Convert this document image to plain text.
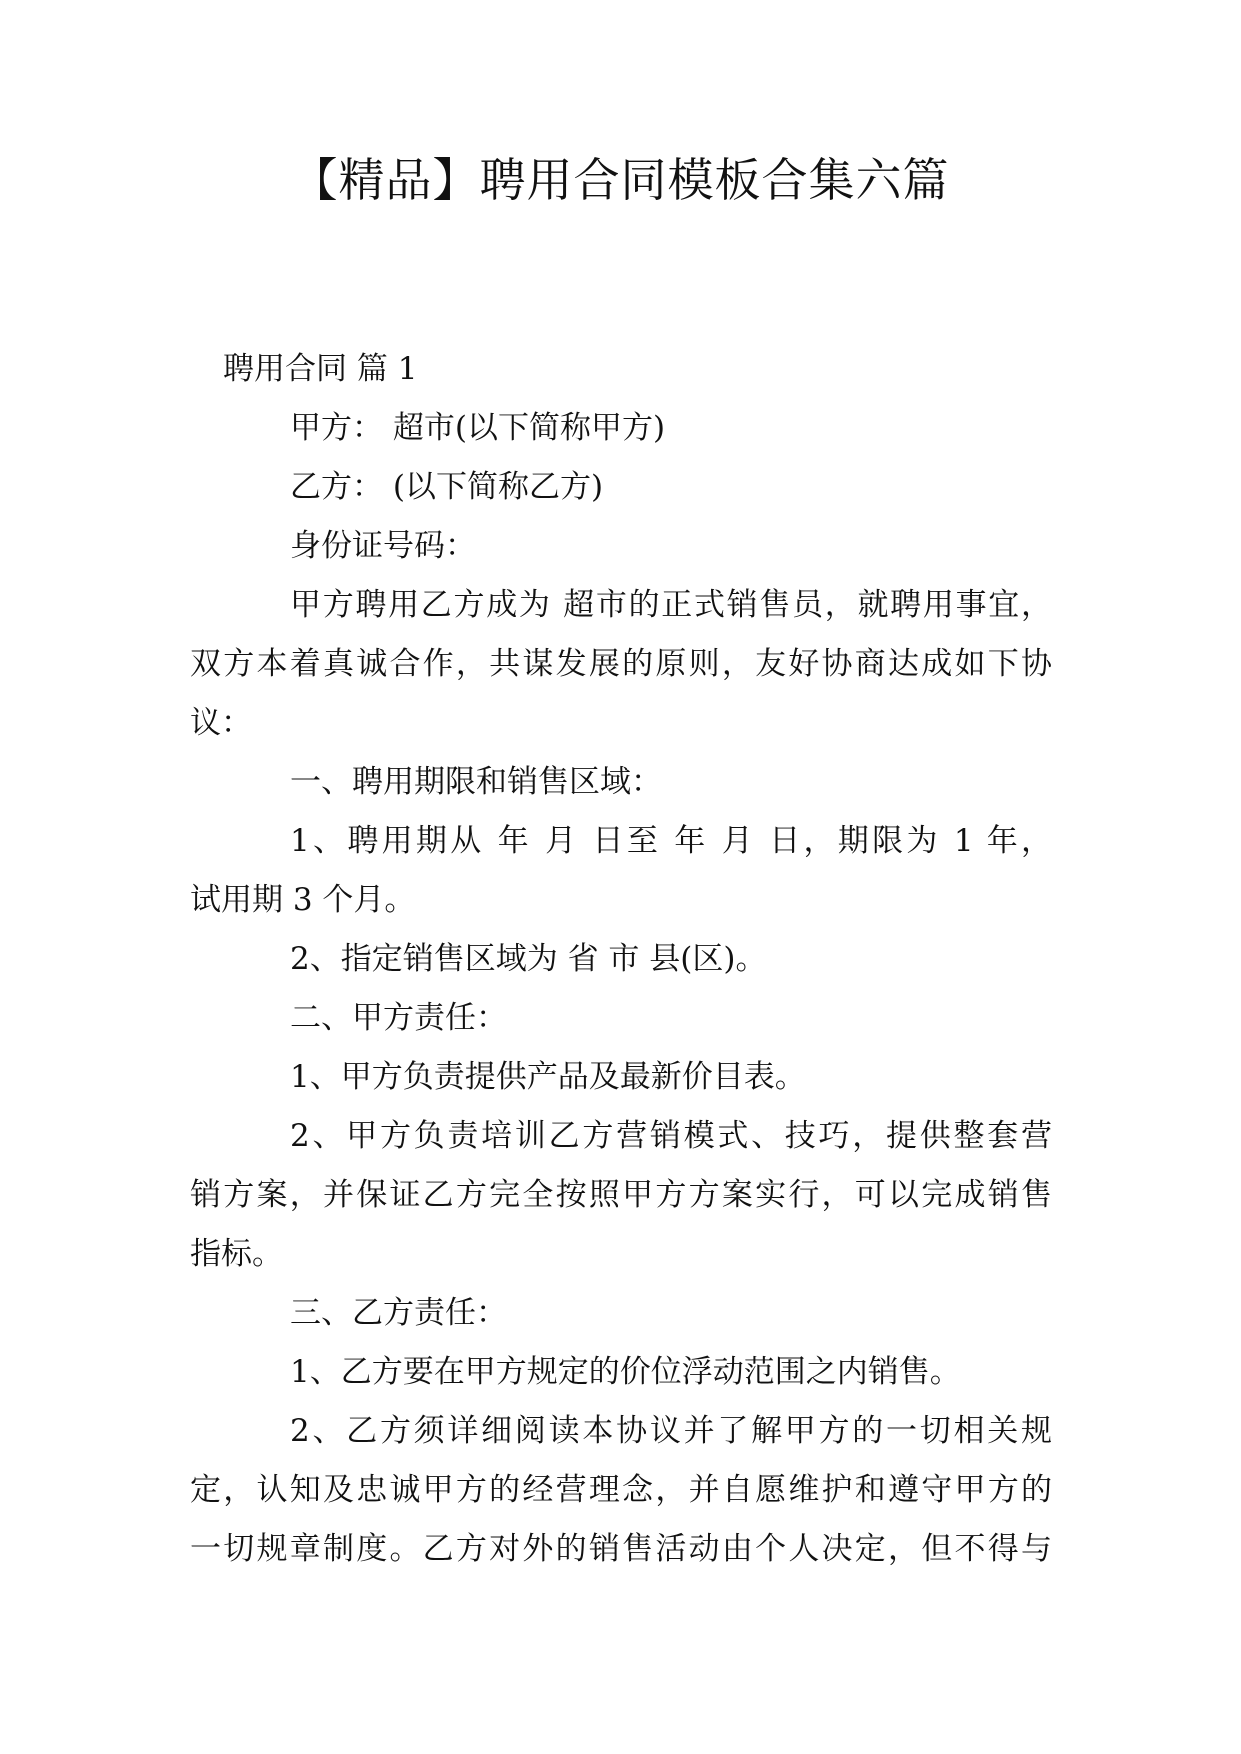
【精品】聘用合同模板合集六篇

聘用合同 篇 1

甲方： 超市(以下简称甲方)

乙方： (以下简称乙方)

身份证号码：

甲方聘用乙方成为 超市的正式销售员，就聘用事宜，

双方本着真诚合作，共谋发展的原则，友好协商达成如下协

议：

一、聘用期限和销售区域：

1、聘用期从 年 月 日至 年 月 日，期限为 1 年，

试用期 3 个月。

2、指定销售区域为 省 市 县(区)。

二、甲方责任：

1、甲方负责提供产品及最新价目表。

2、甲方负责培训乙方营销模式、技巧，提供整套营

销方案，并保证乙方完全按照甲方方案实行，可以完成销售

指标。

三、乙方责任：

1、乙方要在甲方规定的价位浮动范围之内销售。

2、乙方须详细阅读本协议并了解甲方的一切相关规

定，认知及忠诚甲方的经营理念，并自愿维护和遵守甲方的

一切规章制度。乙方对外的销售活动由个人决定，但不得与
